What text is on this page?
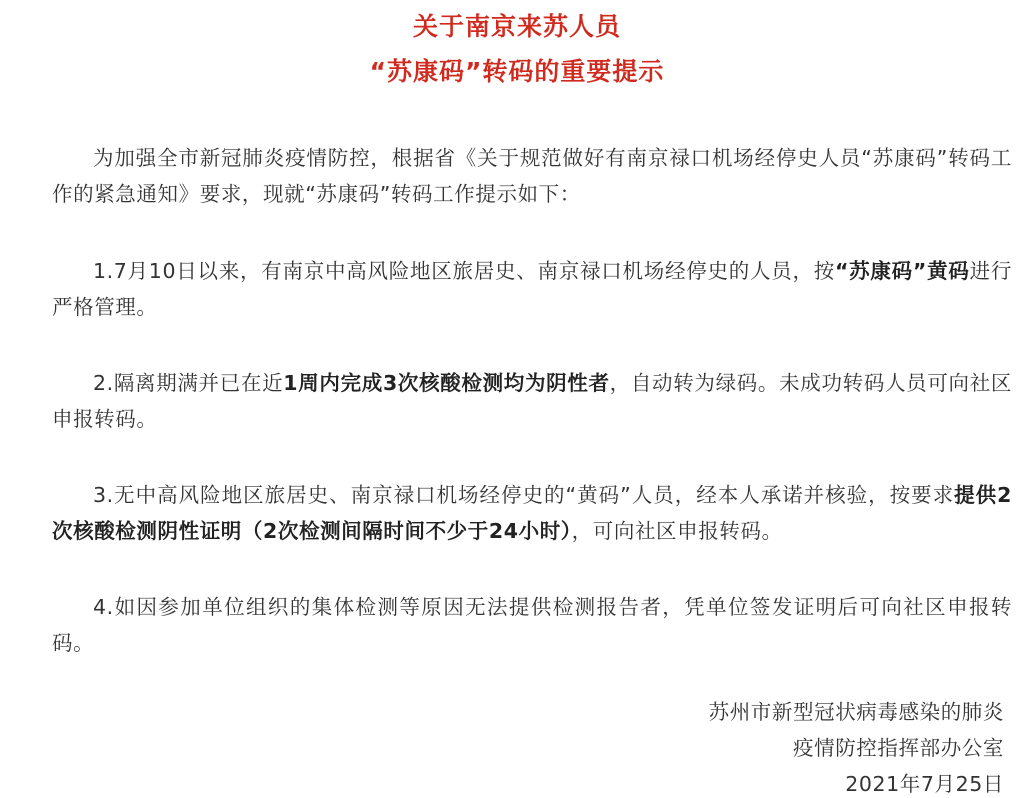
关于南京来苏人员
“苏康码”转码的重要提示

为加强全市新冠肺炎疫情防控，根据省《关于规范做好有南京禄口机场经停史人员“苏康码”转码工作的紧急通知》要求，现就“苏康码”转码工作提示如下：

1.7月10日以来，有南京中高风险地区旅居史、南京禄口机场经停史的人员，按“苏康码”黄码进行严格管理。

2.隔离期满并已在近1周内完成3次核酸检测均为阴性者，自动转为绿码。未成功转码人员可向社区申报转码。

3.无中高风险地区旅居史、南京禄口机场经停史的“黄码”人员，经本人承诺并核验，按要求提供2次核酸检测阴性证明（2次检测间隔时间不少于24小时），可向社区申报转码。

4.如因参加单位组织的集体检测等原因无法提供检测报告者，凭单位签发证明后可向社区申报转码。

苏州市新型冠状病毒感染的肺炎
疫情防控指挥部办公室
2021年7月25日
